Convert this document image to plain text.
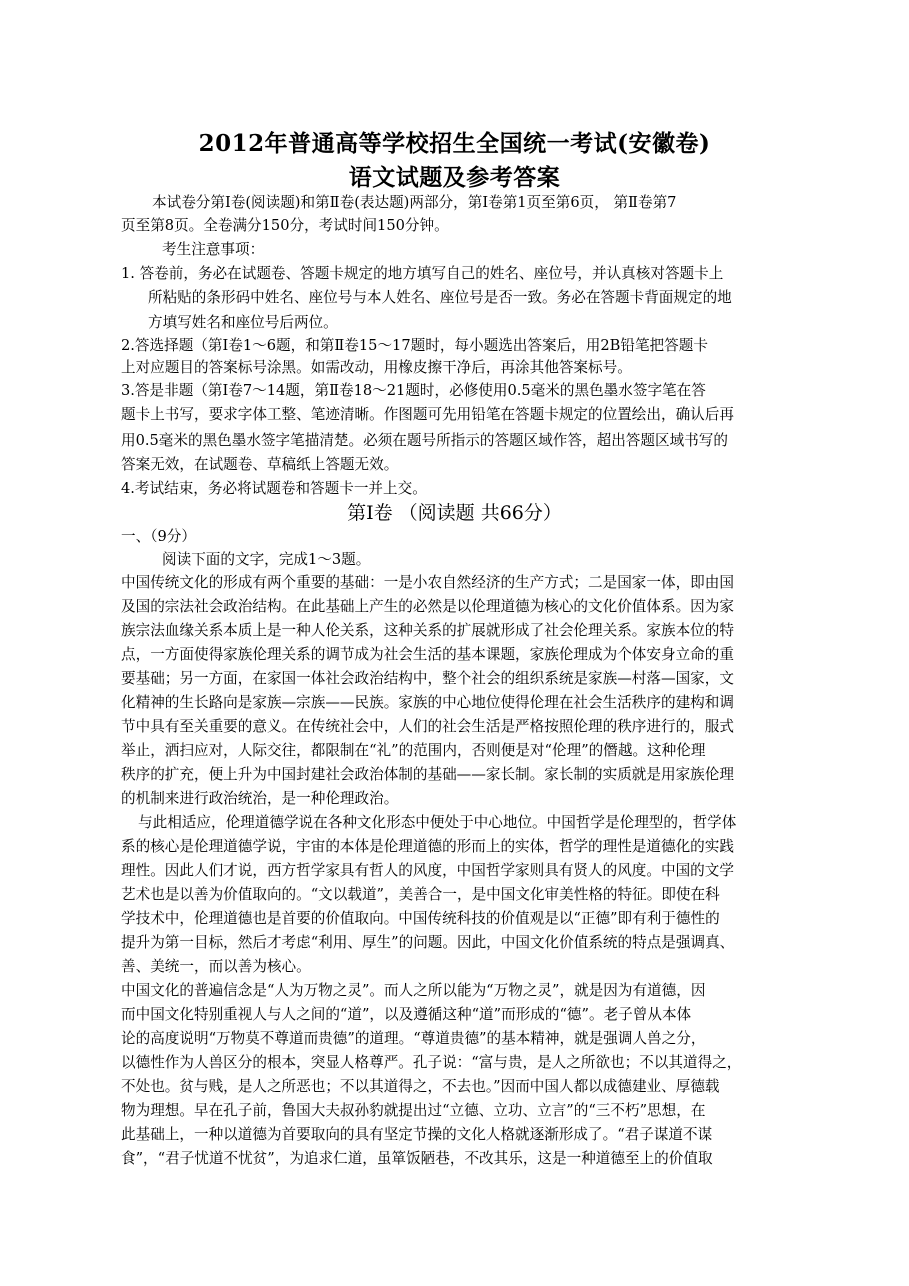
2012年普通高等学校招生全国统一考试(安徽卷)
语文试题及参考答案
本试卷分第Ⅰ卷(阅读题)和第Ⅱ卷(表达题)两部分，第Ⅰ卷第1页至第6页， 第Ⅱ卷第7
页至第8页。全卷满分150分，考试时间150分钟。
考生注意事项：
1. 答卷前，务必在试题卷、答题卡规定的地方填写自己的姓名、座位号，并认真核对答题卡上
所粘贴的条形码中姓名、座位号与本人姓名、座位号是否一致。务必在答题卡背面规定的地
方填写姓名和座位号后两位。
2.答选择题（第Ⅰ卷1～6题，和第Ⅱ卷15～17题时，每小题选出答案后，用2B铅笔把答题卡
上对应题目的答案标号涂黑。如需改动，用橡皮擦干净后，再涂其他答案标号。
3.答是非题（第Ⅰ卷7～14题，第Ⅱ卷18～21题时，必修使用0.5毫米的黑色墨水签字笔在答
题卡上书写，要求字体工整、笔迹清晰。作图题可先用铅笔在答题卡规定的位置绘出，确认后再
用0.5毫米的黑色墨水签字笔描清楚。必须在题号所指示的答题区域作答，超出答题区域书写的
答案无效，在试题卷、草稿纸上答题无效。
4.考试结束，务必将试题卷和答题卡一并上交。
第Ⅰ卷 （阅读题 共66分）
一、（9分）
阅读下面的文字，完成1～3题。
中国传统文化的形成有两个重要的基础：一是小农自然经济的生产方式；二是国家一体，即由国
及国的宗法社会政治结构。在此基础上产生的必然是以伦理道德为核心的文化价值体系。因为家
族宗法血缘关系本质上是一种人伦关系，这种关系的扩展就形成了社会伦理关系。家族本位的特
点，一方面使得家族伦理关系的调节成为社会生活的基本课题，家族伦理成为个体安身立命的重
要基础；另一方面，在家国一体社会政治结构中，整个社会的组织系统是家族—村落—国家，文
化精神的生长路向是家族—宗族——民族。家族的中心地位使得伦理在社会生活秩序的建构和调
节中具有至关重要的意义。在传统社会中，人们的社会生活是严格按照伦理的秩序进行的，服式
举止，洒扫应对，人际交往，都限制在“礼”的范围内，否则便是对“伦理”的僭越。这种伦理
秩序的扩充，便上升为中国封建社会政治体制的基础——家长制。家长制的实质就是用家族伦理
的机制来进行政治统治，是一种伦理政治。
与此相适应，伦理道德学说在各种文化形态中便处于中心地位。中国哲学是伦理型的，哲学体
系的核心是伦理道德学说，宇宙的本体是伦理道德的形而上的实体，哲学的理性是道德化的实践
理性。因此人们才说，西方哲学家具有哲人的风度，中国哲学家则具有贤人的风度。中国的文学
艺术也是以善为价值取向的。“文以载道”，美善合一，是中国文化审美性格的特征。即使在科
学技术中，伦理道德也是首要的价值取向。中国传统科技的价值观是以“正德”即有利于德性的
提升为第一目标，然后才考虑“利用、厚生”的问题。因此，中国文化价值系统的特点是强调真、
善、美统一，而以善为核心。
中国文化的普遍信念是“人为万物之灵”。而人之所以能为“万物之灵”，就是因为有道德，因
而中国文化特别重视人与人之间的“道”，以及遵循这种“道”而形成的“德”。老子曾从本体
论的高度说明“万物莫不尊道而贵德”的道理。“尊道贵德”的基本精神，就是强调人兽之分，
以德性作为人兽区分的根本，突显人格尊严。孔子说：“富与贵，是人之所欲也；不以其道得之，
不处也。贫与贱，是人之所恶也；不以其道得之，不去也。”因而中国人都以成德建业、厚德载
物为理想。早在孔子前，鲁国大夫叔孙豹就提出过“立德、立功、立言”的“三不朽”思想，在
此基础上，一种以道德为首要取向的具有坚定节操的文化人格就逐渐形成了。“君子谋道不谋
食”，“君子忧道不忧贫”，为追求仁道，虽箪饭陋巷，不改其乐，这是一种道德至上的价值取
